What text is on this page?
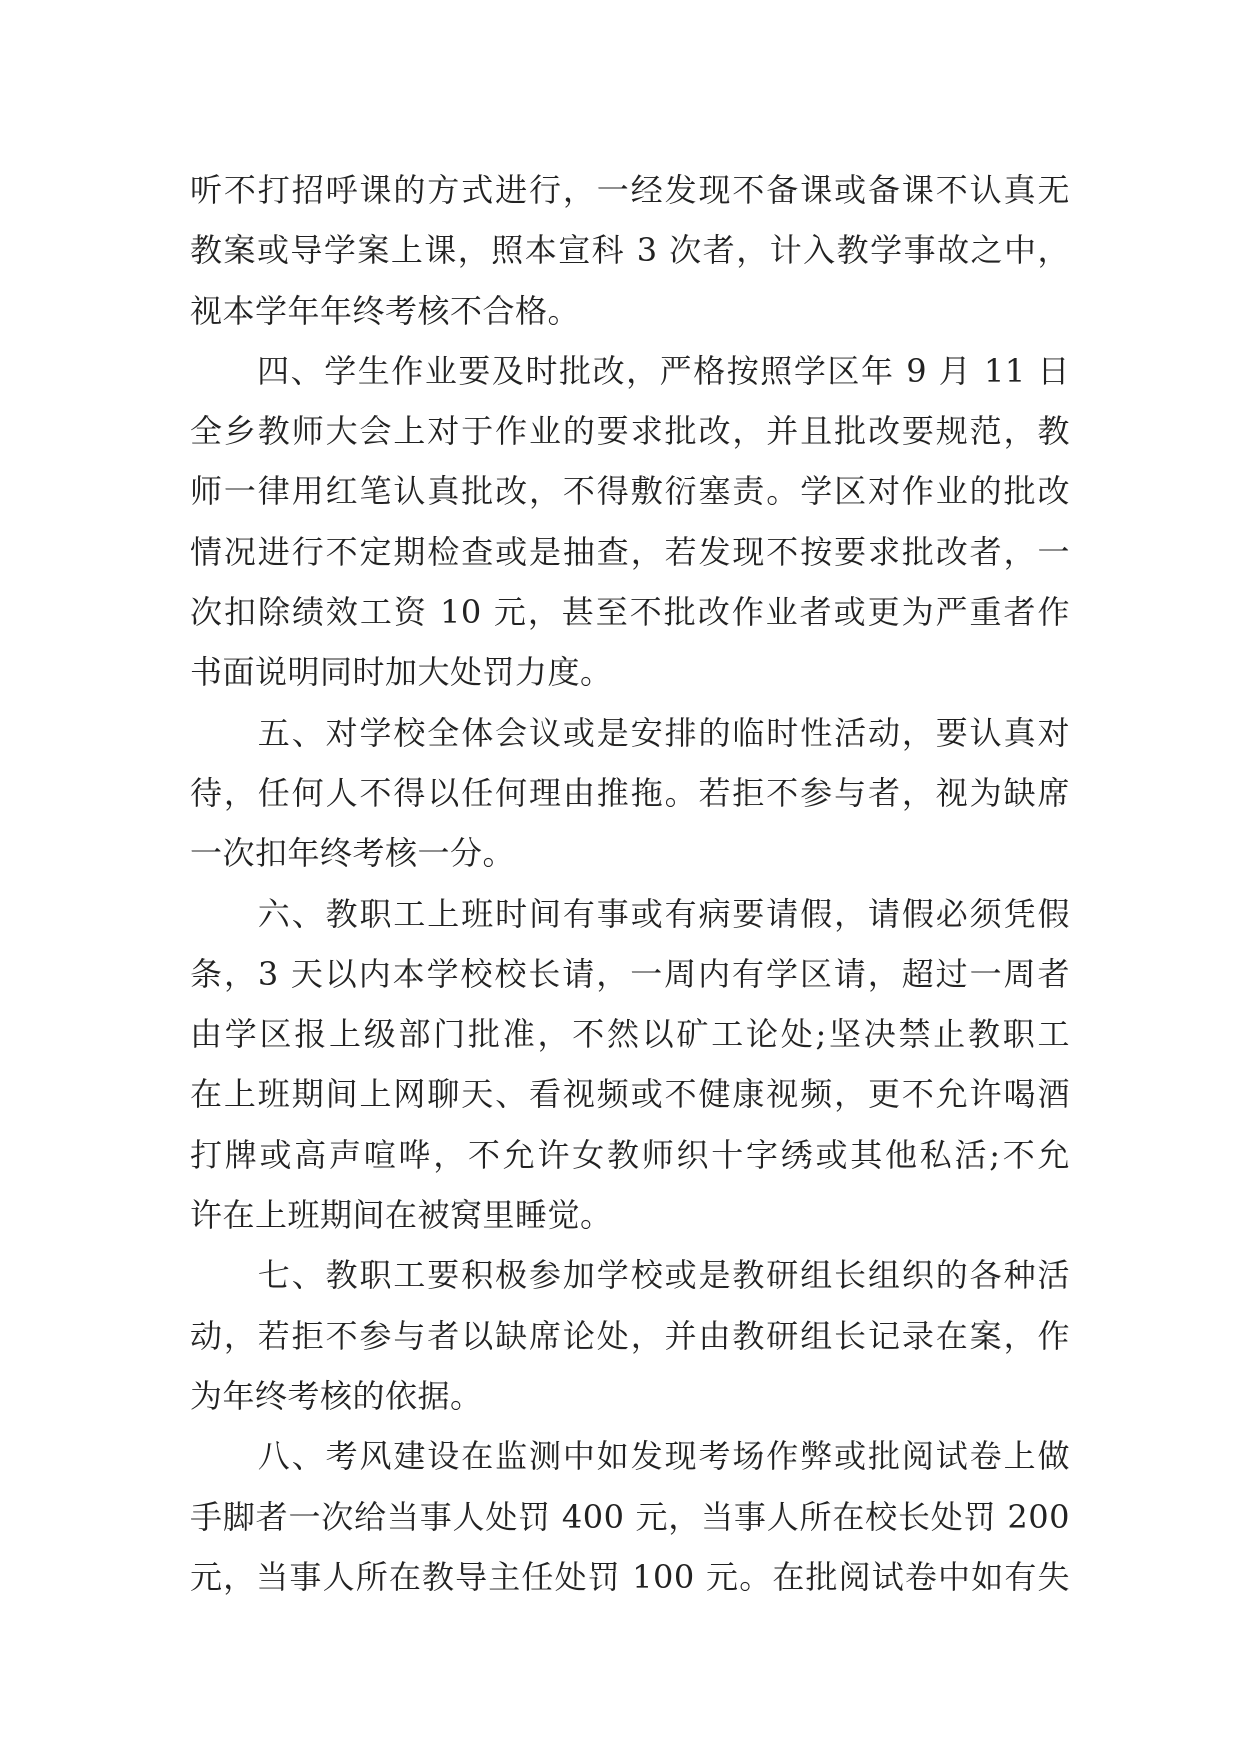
听不打招呼课的方式进行，一经发现不备课或备课不认真无
教案或导学案上课，照本宣科 3 次者，计入教学事故之中，
视本学年年终考核不合格。
　　四、学生作业要及时批改，严格按照学区年 9 月 11 日
全乡教师大会上对于作业的要求批改，并且批改要规范，教
师一律用红笔认真批改，不得敷衍塞责。学区对作业的批改
情况进行不定期检查或是抽查，若发现不按要求批改者，一
次扣除绩效工资 10 元，甚至不批改作业者或更为严重者作
书面说明同时加大处罚力度。
　　五、对学校全体会议或是安排的临时性活动，要认真对
待，任何人不得以任何理由推拖。若拒不参与者，视为缺席
一次扣年终考核一分。
　　六、教职工上班时间有事或有病要请假，请假必须凭假
条，3 天以内本学校校长请，一周内有学区请，超过一周者
由学区报上级部门批准，不然以矿工论处;坚决禁止教职工
在上班期间上网聊天、看视频或不健康视频，更不允许喝酒
打牌或高声喧哗，不允许女教师织十字绣或其他私活;不允
许在上班期间在被窝里睡觉。
　　七、教职工要积极参加学校或是教研组长组织的各种活
动，若拒不参与者以缺席论处，并由教研组长记录在案，作
为年终考核的依据。
　　八、考风建设在监测中如发现考场作弊或批阅试卷上做
手脚者一次给当事人处罚 400 元，当事人所在校长处罚 200
元，当事人所在教导主任处罚 100 元。在批阅试卷中如有失
